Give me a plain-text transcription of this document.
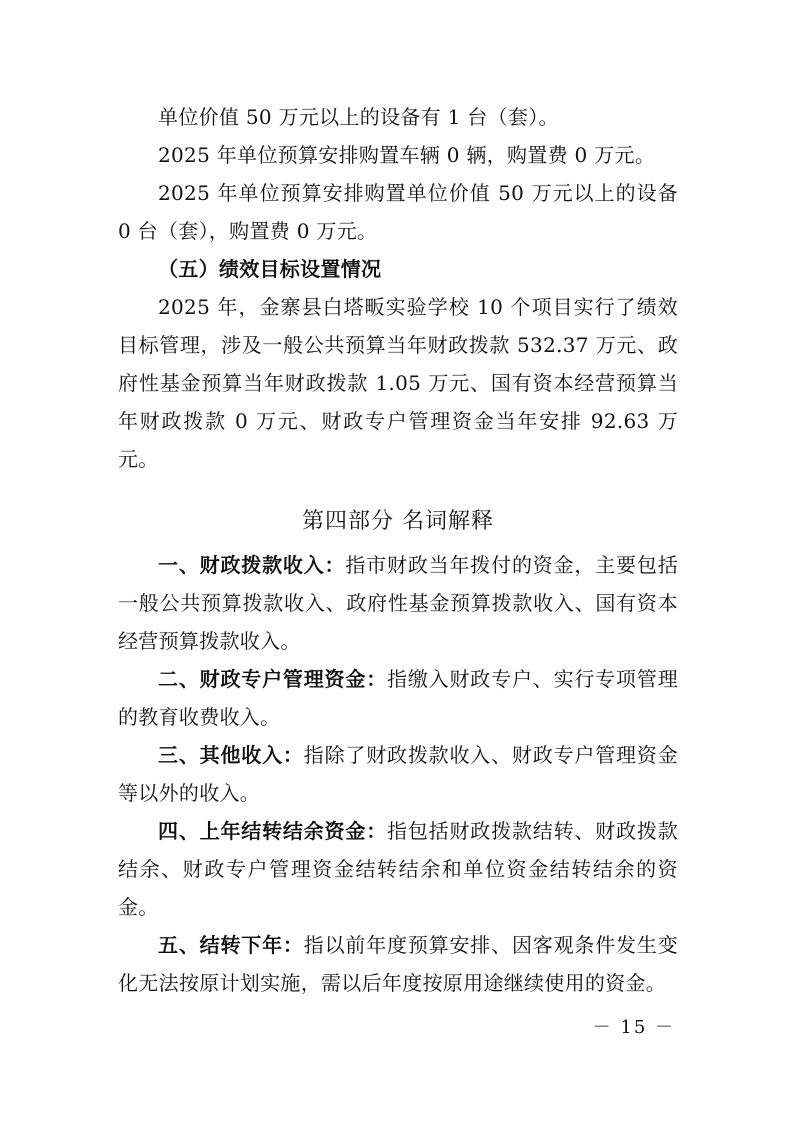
单位价值 50 万元以上的设备有 1 台（套）。

2025 年单位预算安排购置车辆 0 辆，购置费 0 万元。

2025 年单位预算安排购置单位价值 50 万元以上的设备 0 台（套），购置费 0 万元。

（五）绩效目标设置情况

2025 年，金寨县白塔畈实验学校 10 个项目实行了绩效目标管理，涉及一般公共预算当年财政拨款 532.37 万元、政府性基金预算当年财政拨款 1.05 万元、国有资本经营预算当年财政拨款 0 万元、财政专户管理资金当年安排 92.63 万元。

第四部分 名词解释

一、财政拨款收入：指市财政当年拨付的资金，主要包括一般公共预算拨款收入、政府性基金预算拨款收入、国有资本经营预算拨款收入。

二、财政专户管理资金：指缴入财政专户、实行专项管理的教育收费收入。

三、其他收入：指除了财政拨款收入、财政专户管理资金等以外的收入。

四、上年结转结余资金：指包括财政拨款结转、财政拨款结余、财政专户管理资金结转结余和单位资金结转结余的资金。

五、结转下年：指以前年度预算安排、因客观条件发生变化无法按原计划实施，需以后年度按原用途继续使用的资金。

－ 15 －
